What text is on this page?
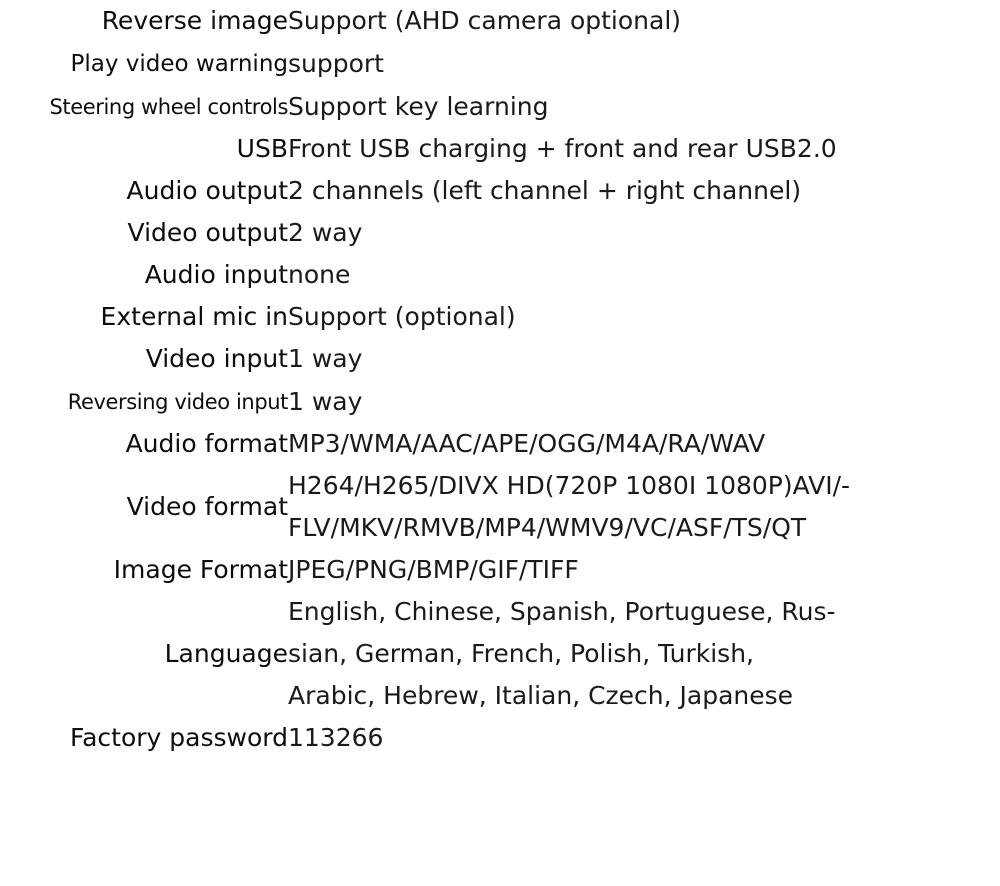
Reverse image	Support (AHD camera optional)

Play video warning	support

Steering wheel controls	Support key learning

USB	Front USB charging + front and rear USB2.0

Audio output	2 channels (left channel + right channel)

Video output	2 way

Audio input	none

External mic in	Support (optional)

Video input	1 way

Reversing video input	1 way

Audio format	MP3/WMA/AAC/APE/OGG/M4A/RA/WAV

Video format	H264/H265/DIVX HD(720P 1080I 1080P)AVI/-
FLV/MKV/RMVB/MP4/WMV9/VC/ASF/TS/QT

Image Format	JPEG/PNG/BMP/GIF/TIFF

Language	English, Chinese, Spanish, Portuguese, Rus-
sian, German, French, Polish, Turkish,
Arabic, Hebrew, Italian, Czech, Japanese

Factory password	113266
